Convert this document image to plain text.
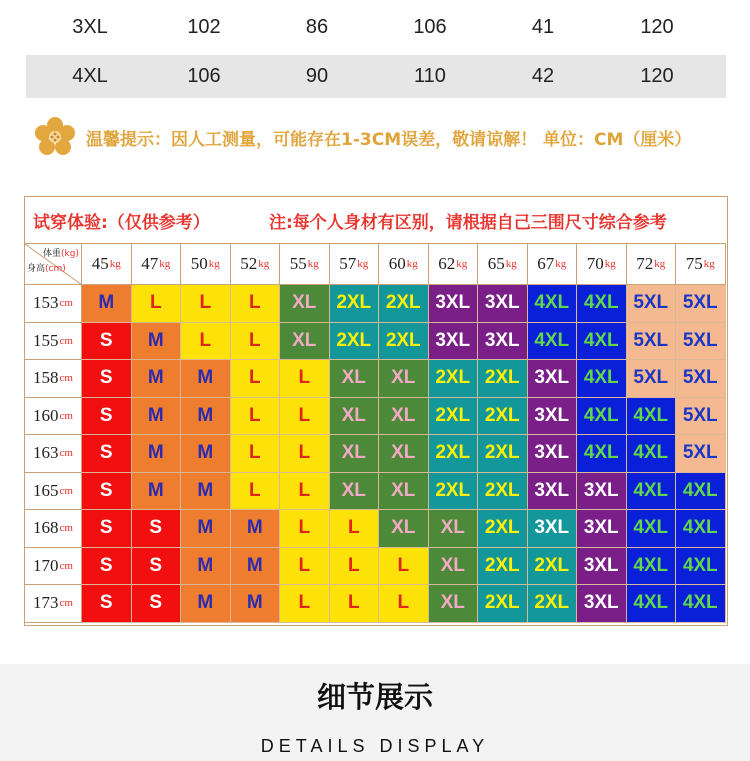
3XL	102	86	106	41	120
4XL	106	90	110	42	120
温馨提示：因人工测量，可能存在1-3CM误差，敬请谅解！ 单位：CM（厘米）
试穿体验:（仅供参考）	注:每个人身材有区别，请根据自己三围尺寸综合参考
体重(kg)
身高(cm) 45 kg 47 kg 50 kg 52 kg 55 kg 57 kg 60 kg 62 kg 65 kg 67 kg 70 kg 72 kg 75 kg
153 cm	M	L	L	L	XL	2XL 2XL 3XL 3XL 4XL 4XL 5XL 5XL
155 cm	S	M	L	L	XL	2XL 2XL 3XL 3XL 4XL 4XL 5XL 5XL
158 cm	S	M	M	L	L	XL	XL	2XL 2XL 3XL 4XL 5XL 5XL
160 cm	S	M	M	L	L	XL	XL	2XL 2XL 3XL 4XL 4XL 5XL
163 cm	S	M	M	L	L	XL	XL	2XL 2XL 3XL 4XL 4XL 5XL
165 cm	S	M	M	L	L	XL	XL	2XL 2XL 3XL 3XL 4XL 4XL
168 cm	S	S	M	M	L	L	XL	XL	2XL 3XL 3XL 4XL 4XL
170 cm	S	S	M	M	L	L	L	XL	2XL 2XL 3XL 4XL 4XL
173 cm	S	S	M	M	L	L	L	XL	2XL 2XL 3XL 4XL 4XL
细节展示
DETAILS DISPLAY
